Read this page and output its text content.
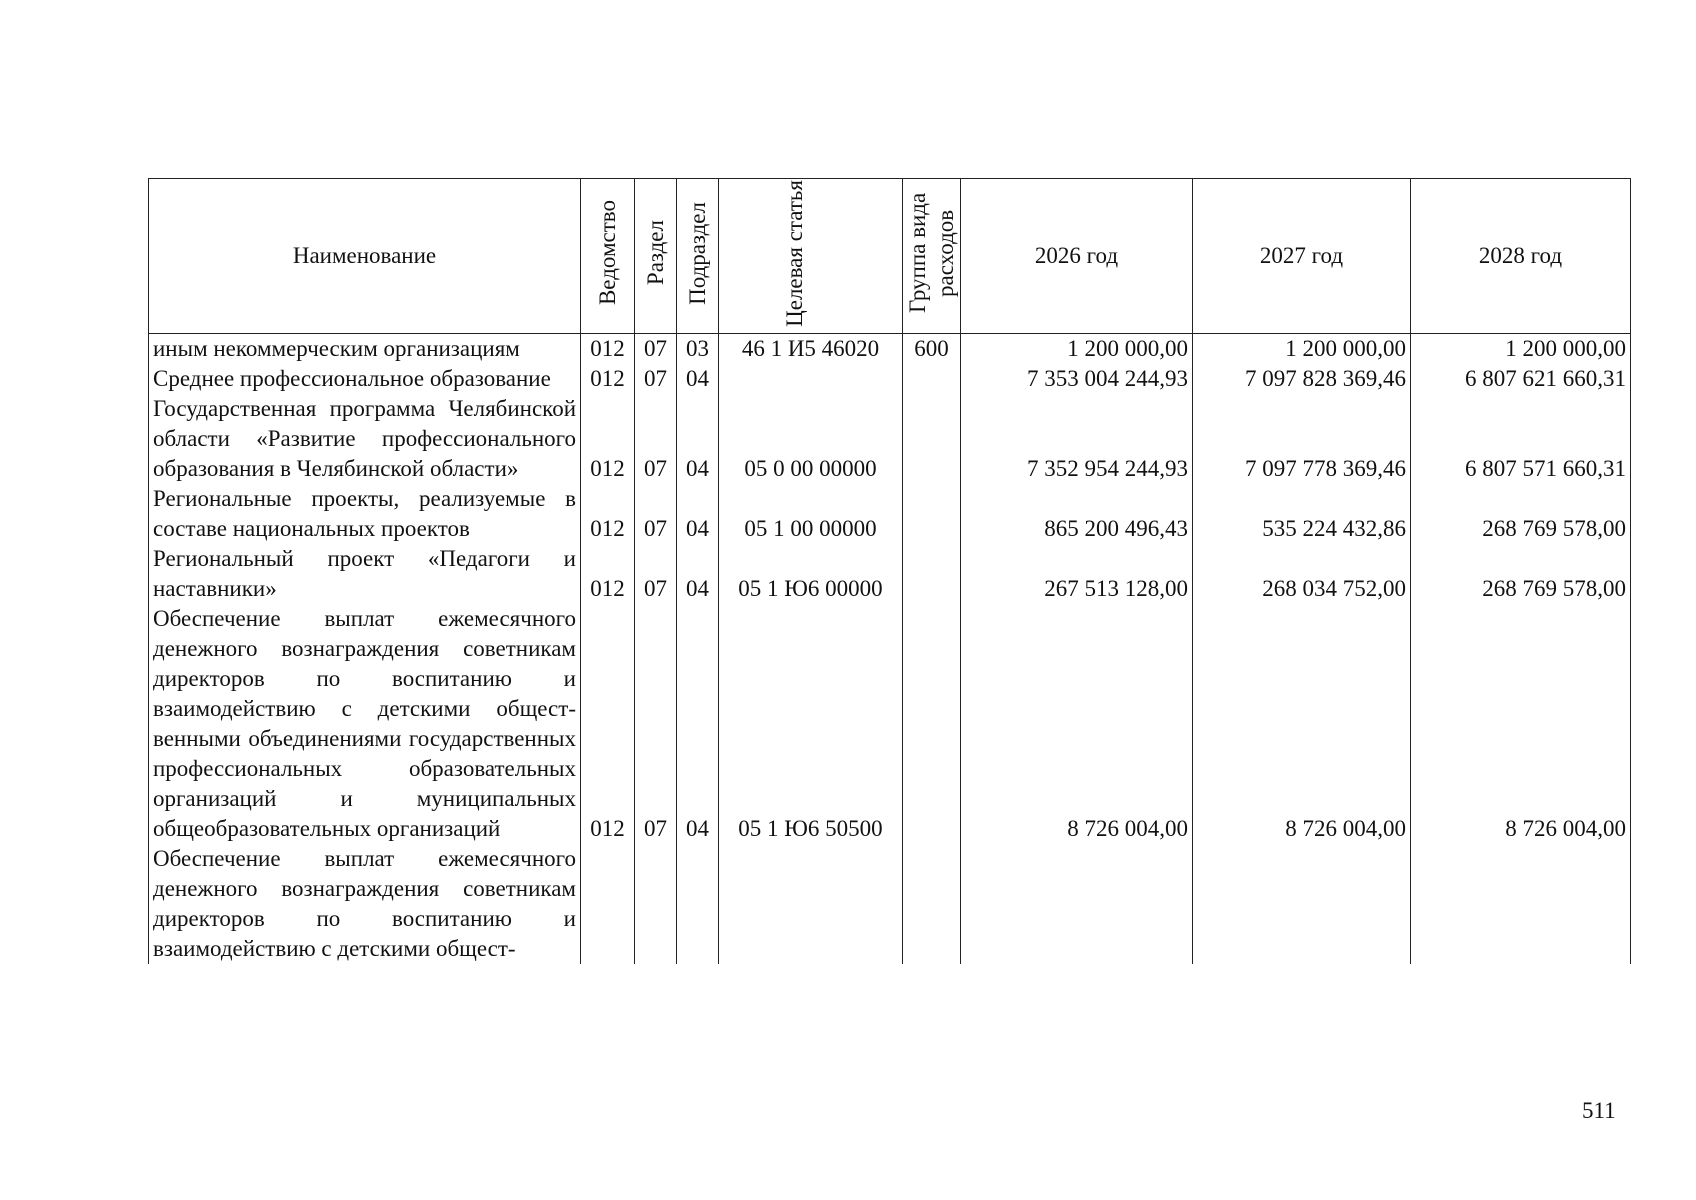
Наименование	Ведомство	Раздел	Подраздел	Целевая статья	Группа вида расходов	2026 год	2027 год	2028 год
иным некоммерческим организациям	012	07	03	46 1 И5 46020	600	1 200 000,00	1 200 000,00	1 200 000,00
Среднее профессиональное образование	012	07	04			7 353 004 244,93	7 097 828 369,46	6 807 621 660,31
Государственная программа Челябинской области «Развитие профессионального образования в Челябинской области»	012	07	04	05 0 00 00000		7 352 954 244,93	7 097 778 369,46	6 807 571 660,31
Региональные проекты, реализуемые в составе национальных проектов	012	07	04	05 1 00 00000		865 200 496,43	535 224 432,86	268 769 578,00
Региональный проект «Педагоги и наставники»	012	07	04	05 1 Ю6 00000		267 513 128,00	268 034 752,00	268 769 578,00
Обеспечение выплат ежемесячного денежного вознаграждения советникам директоров по воспитанию и взаимодействию с детскими общественными объединениями государственных профессиональных образовательных организаций и муниципальных общеобразовательных организаций	012	07	04	05 1 Ю6 50500		8 726 004,00	8 726 004,00	8 726 004,00
Обеспечение выплат ежемесячного денежного вознаграждения советникам директоров по воспитанию и взаимодействию с детскими общест-								
511
